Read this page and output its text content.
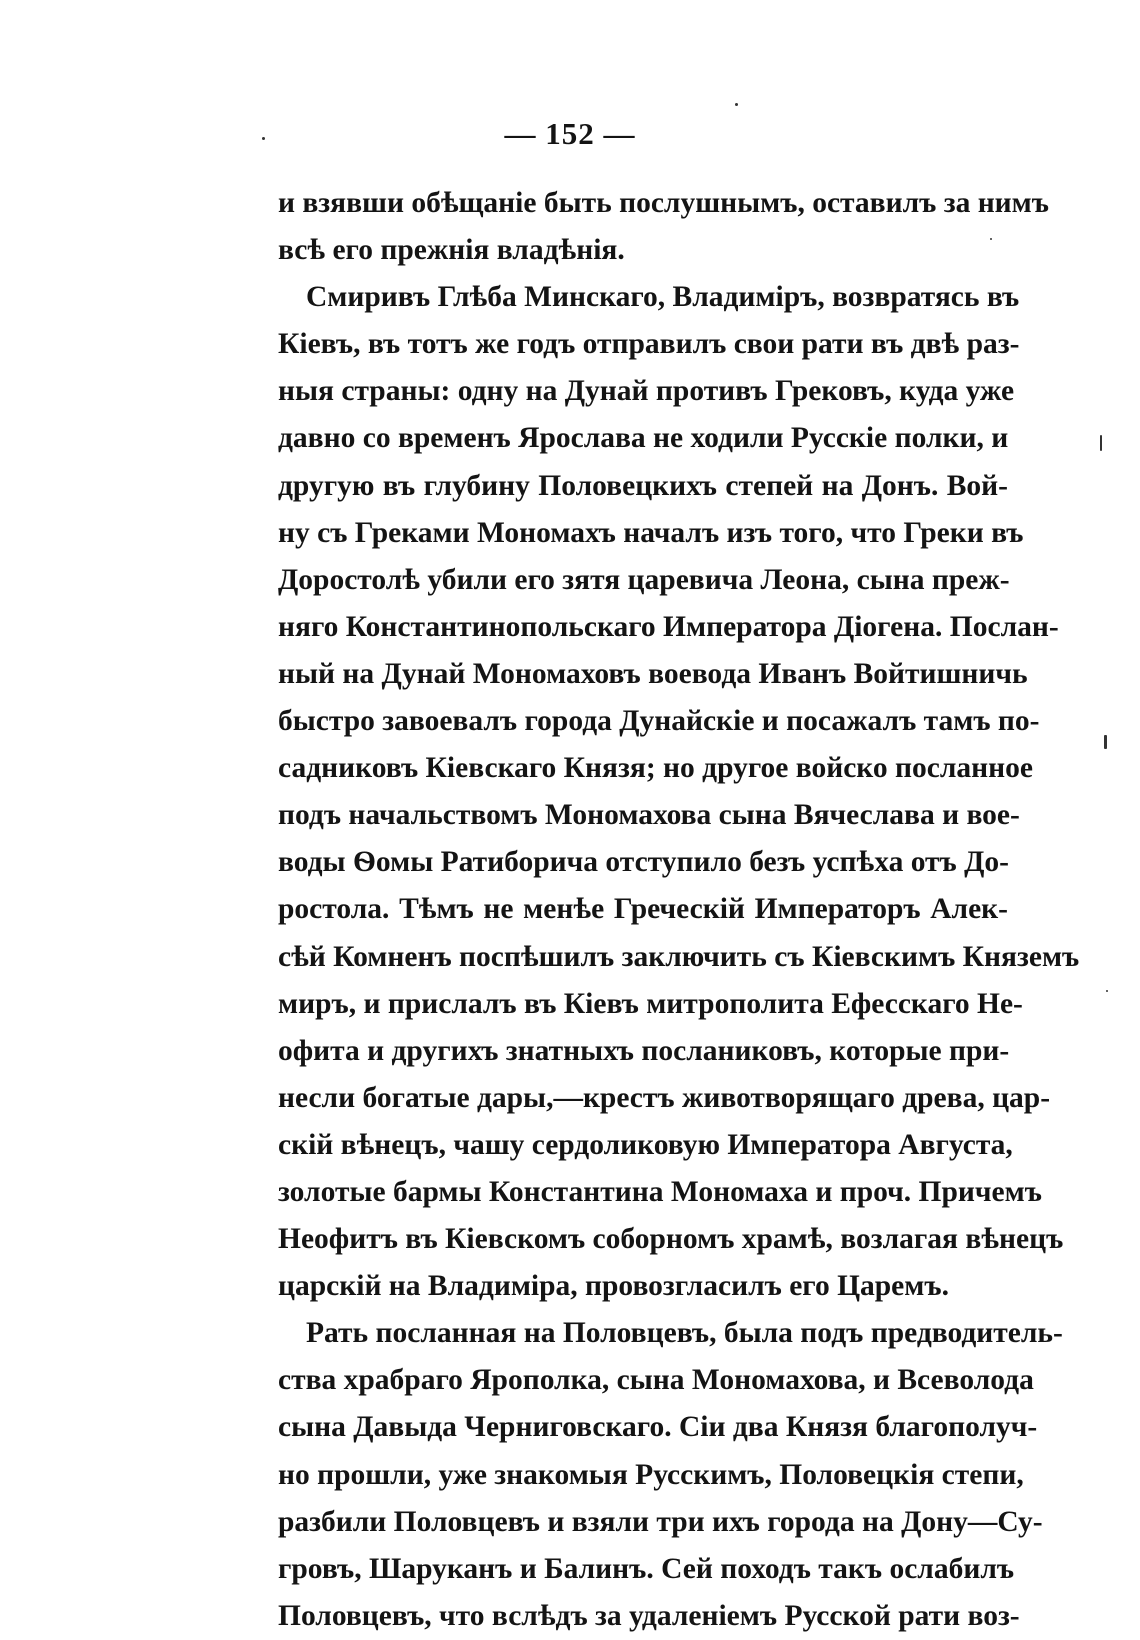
— 152 —
и взявши обѣщаніе быть послушнымъ, оставилъ за нимъ
всѣ его прежнія владѣнія.
Смиривъ Глѣба Минскаго, Владиміръ, возвратясь въ
Кіевъ, въ тотъ же годъ отправилъ свои рати въ двѣ раз-
ныя страны: одну на Дунай противъ Грековъ, куда уже
давно со временъ Ярослава не ходили Русскіе полки, и
другую въ глубину Половецкихъ степей на Донъ. Вой-
ну съ Греками Мономахъ началъ изъ того, что Греки въ
Доростолѣ убили его зятя царевича Леона, сына преж-
няго Константинопольскаго Императора Діогена. Послан-
ный на Дунай Мономаховъ воевода Иванъ Войтишничь
быстро завоевалъ города Дунайскіе и посажалъ тамъ по-
садниковъ Кіевскаго Князя; но другое войско посланное
подъ начальствомъ Мономахова сына Вячеслава и вое-
воды Ѳомы Ратиборича отступило безъ успѣха отъ До-
ростола. Тѣмъ не менѣе Греческій Императоръ Алек-
сѣй Комненъ поспѣшилъ заключить съ Кіевскимъ Княземъ
миръ, и прислалъ въ Кіевъ митрополита Ефесскаго Не-
офита и другихъ знатныхъ посланиковъ, которые при-
несли богатые дары,—крестъ животворящаго древа, цар-
скій вѣнецъ, чашу сердоликовую Императора Августа,
золотые бармы Константина Мономаха и проч. Причемъ
Неофитъ въ Кіевскомъ соборномъ храмѣ, возлагая вѣнецъ
царскій на Владиміра, провозгласилъ его Царемъ.
Рать посланная на Половцевъ, была подъ предводитель-
ства храбраго Ярополка, сына Мономахова, и Всеволода
сына Давыда Черниговскаго. Сіи два Князя благополуч-
но прошли, уже знакомыя Русскимъ, Половецкія степи,
разбили Половцевъ и взяли три ихъ города на Дону—Су-
гровъ, Шаруканъ и Балинъ. Сей походъ такъ ослабилъ
Половцевъ, что вслѣдъ за удаленіемъ Русской рати воз-
